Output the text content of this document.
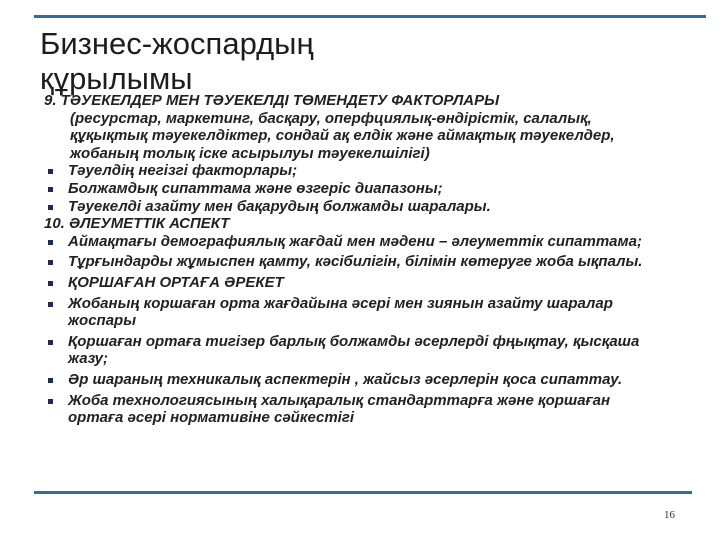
Бизнес-жоспардың
құрылымы
9. ТӘУЕКЕЛДЕР МЕН ТӘУЕКЕЛДІ ТӨМЕНДЕТУ ФАКТОРЛАРЫ
(ресурстар, маркетинг, басқару, оперфциялық-өндірістік, салалық, құқықтық тәуекелдіктер, сондай ақ елдік және аймақтық тәуекелдер, жобаның толық іске асырылуы тәуекелшілігі)
Тәуелдің негізгі факторлары;
Болжамдық сипаттама және өзгеріс диапазоны;
Тәуекелді азайту мен бақарудың болжамды шаралары.
10. ӘЛЕУМЕТТІК АСПЕКТ
Аймақтағы демографиялық жағдай мен мәдени – әлеуметтік сипаттама;
Тұрғындарды жұмыспен қамту, кәсібилігін, білімін көтеруге жоба ықпалы.
ҚОРШАҒАН ОРТАҒА ӘРЕКЕТ
Жобаның коршаған орта жағдайына әсері мен зиянын азайту шаралар жоспары
Қоршаған ортаға тигізер барлық болжамды әсерлерді фңықтау, қысқаша жазу;
Әр шараның техникалық аспектерін , жайсыз әсерлерін қоса сипаттау.
Жоба технологиясының халықаралық стандарттарға және қоршаған ортаға әсері нормативіне сәйкестігі
16
